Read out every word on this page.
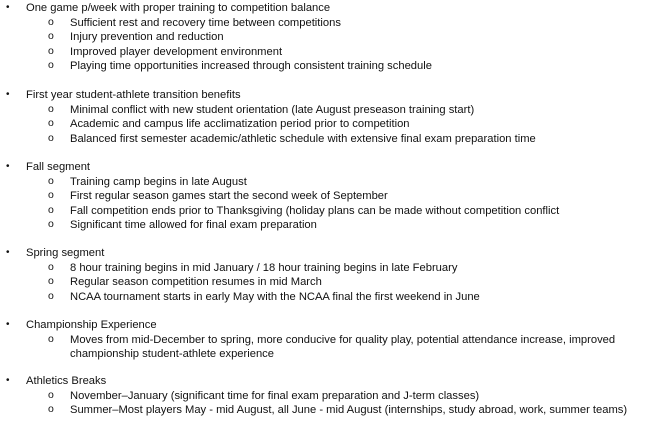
• One game p/week with proper training to competition balance
o Sufficient rest and recovery time between competitions
o Injury prevention and reduction
o Improved player development environment
o Playing time opportunities increased through consistent training schedule
• First year student-athlete transition benefits
o Minimal conflict with new student orientation (late August preseason training start)
o Academic and campus life acclimatization period prior to competition
o Balanced first semester academic/athletic schedule with extensive final exam preparation time
• Fall segment
o Training camp begins in late August
o First regular season games start the second week of September
o Fall competition ends prior to Thanksgiving (holiday plans can be made without competition conflict
o Significant time allowed for final exam preparation
• Spring segment
o 8 hour training begins in mid January / 18 hour training begins in late February
o Regular season competition resumes in mid March
o NCAA tournament starts in early May with the NCAA final the first weekend in June
• Championship Experience
o Moves from mid-December to spring, more conducive for quality play, potential attendance increase, improved championship student-athlete experience
• Athletics Breaks
o November–January (significant time for final exam preparation and J-term classes)
o Summer–Most players May - mid August, all June - mid August (internships, study abroad, work, summer teams)
